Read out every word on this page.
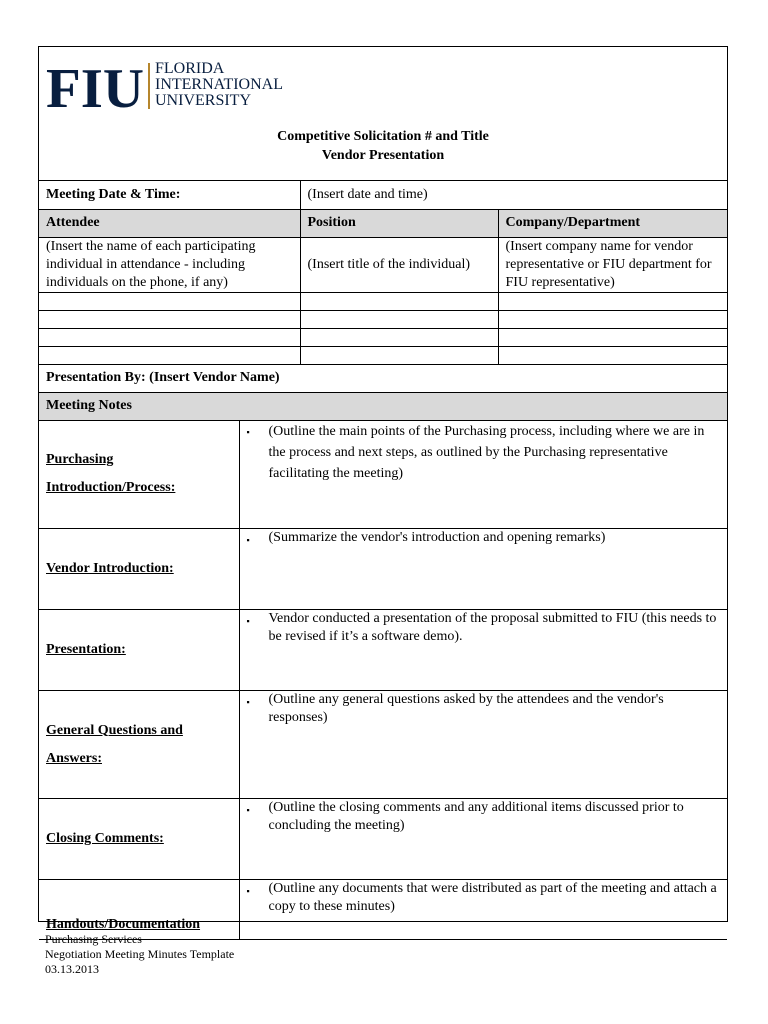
FIU FLORIDA
INTERNATIONAL
UNIVERSITY
Competitive Solicitation # and Title
Vendor Presentation
Meeting Date & Time:	(Insert date and time)	
Attendee	Position	Company/Department
(Insert the name of each participating individual in attendance - including individuals on the phone, if any)	(Insert title of the individual)	(Insert company name for vendor representative or FIU department for FIU representative)

Presentation By: (Insert Vendor Name)		
Meeting Notes		
Purchasing Introduction/Process:	▪ (Outline the main points of the Purchasing process, including where we are in the process and next steps, as outlined by the Purchasing representative facilitating the meeting)

Vendor Introduction:	▪ (Summarize the vendor's introduction and opening remarks)

Presentation:	▪ Vendor conducted a presentation of the proposal submitted to FIU (this needs to be revised if it’s a software demo).

General Questions and Answers:	▪ (Outline any general questions asked by the attendees and the vendor's responses)

Closing Comments:	▪ (Outline the closing comments and any additional items discussed prior to concluding the meeting)

Handouts/Documentation	▪ (Outline any documents that were distributed as part of the meeting and attach a copy to these minutes)
Purchasing Services
Negotiation Meeting Minutes Template
03.13.2013
